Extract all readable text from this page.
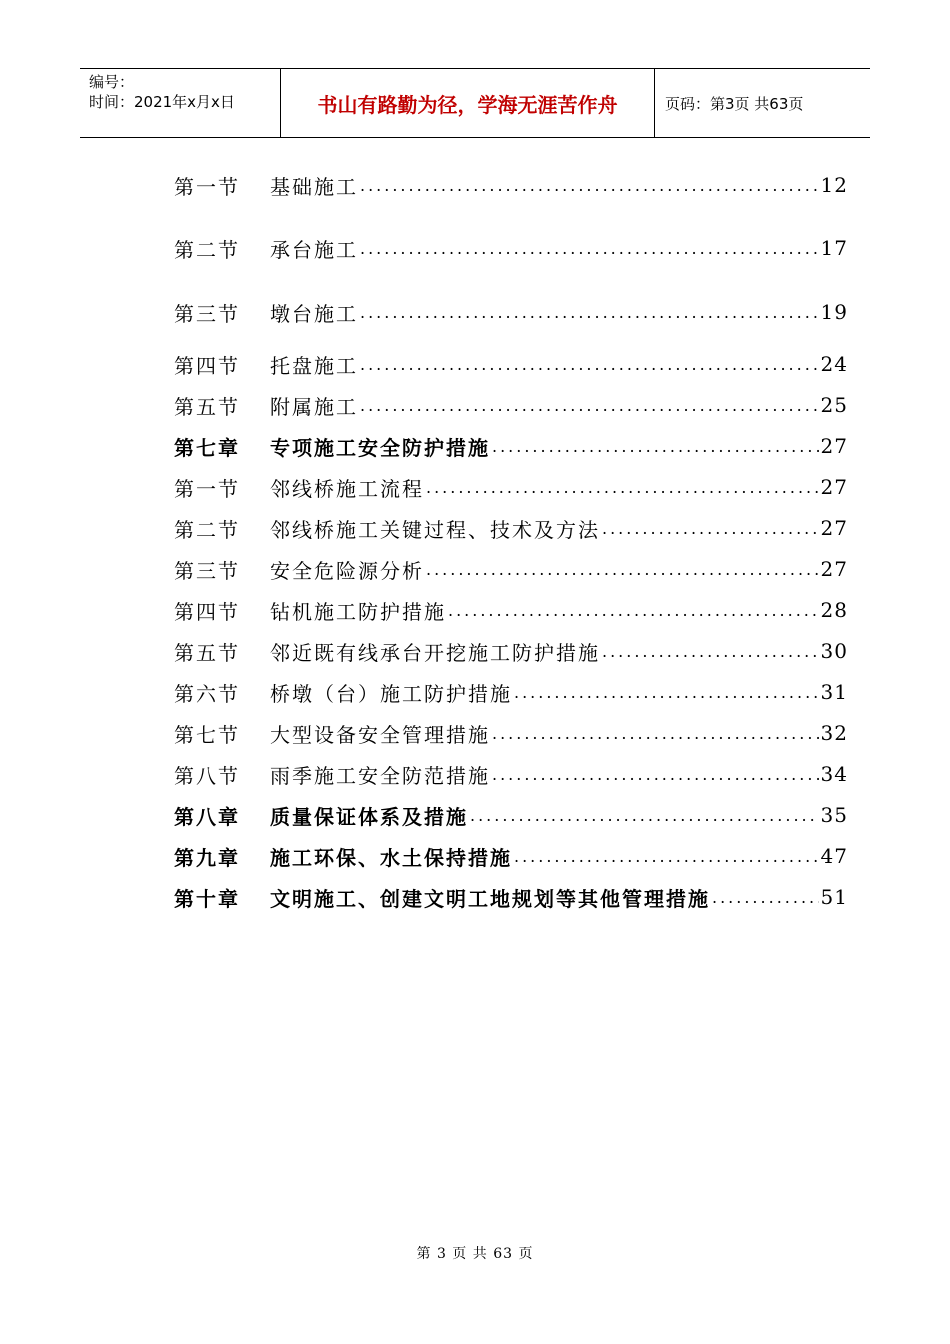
编号：
时间：2021年x月x日	书山有路勤为径，学海无涯苦作舟	页码：第3页 共63页
第一节	基础施工 .....	12
第二节	承台施工 .....	17
第三节	墩台施工 .....	19
第四节	托盘施工 .....	24
第五节	附属施工 .....	25
第七章	专项施工安全防护措施 .....	27
第一节	邻线桥施工流程 .....	27
第二节	邻线桥施工关键过程、技术及方法 .....	27
第三节	安全危险源分析 .....	27
第四节	钻机施工防护措施 .....	28
第五节	邻近既有线承台开挖施工防护措施 .....	30
第六节	桥墩（台）施工防护措施 .....	31
第七节	大型设备安全管理措施 .....	32
第八节	雨季施工安全防范措施 .....	34
第八章	质量保证体系及措施 .....	35
第九章	施工环保、水土保持措施 .....	47
第十章	文明施工、创建文明工地规划等其他管理措施 .....	51
第 3 页 共 63 页
